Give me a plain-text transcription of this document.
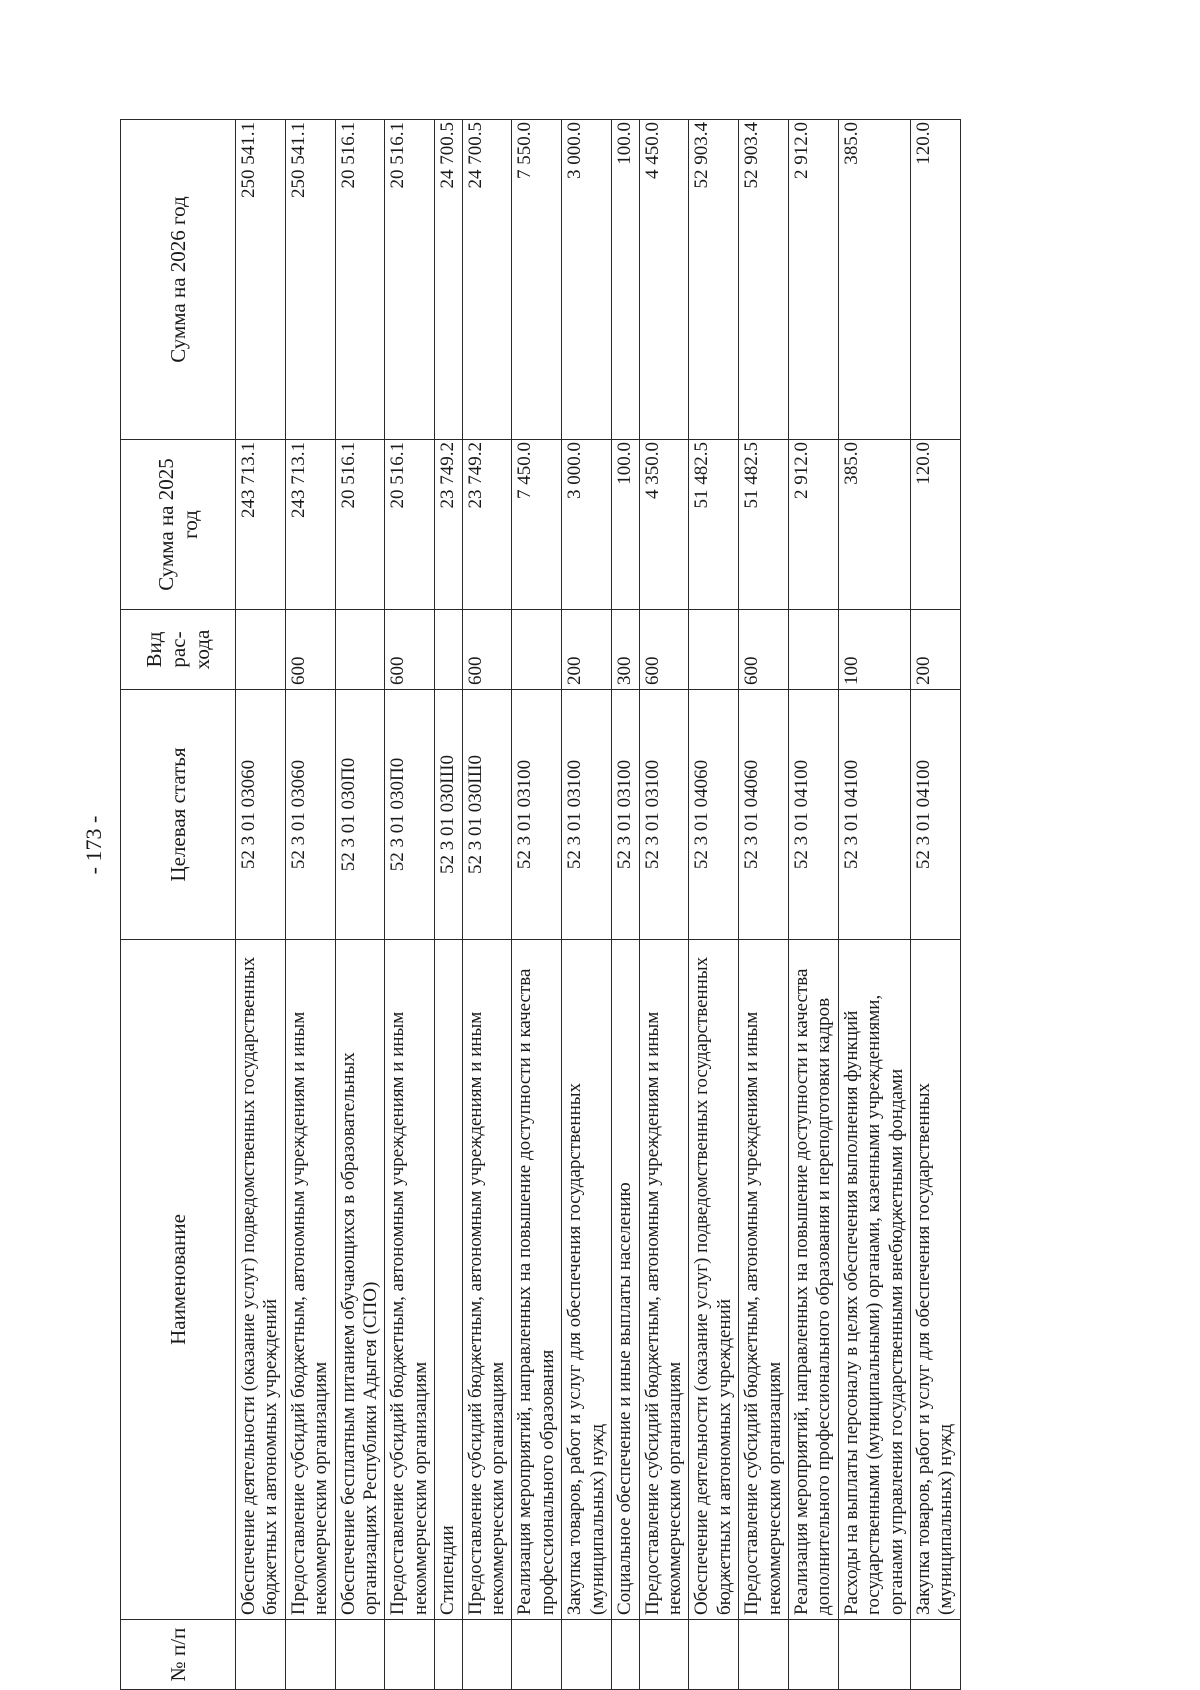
- 173 -
№ п/п	Наименование	Целевая статья	Вид рас-хода	Сумма на 2025 год	Сумма на 2026 год
	Обеспечение деятельности (оказание услуг) подведомственных государственных бюджетных и автономных учреждений	52 3 01 03060		243 713.1	250 541.1
	Предоставление субсидий бюджетным, автономным учреждениям и иным некоммерческим организациям	52 3 01 03060	600	243 713.1	250 541.1
	Обеспечение бесплатным питанием обучающихся в образовательных организациях Республики Адыгея (СПО)	52 3 01 030П0		20 516.1	20 516.1
	Предоставление субсидий бюджетным, автономным учреждениям и иным некоммерческим организациям	52 3 01 030П0	600	20 516.1	20 516.1
	Стипендии	52 3 01 030Ш0		23 749.2	24 700.5
	Предоставление субсидий бюджетным, автономным учреждениям и иным некоммерческим организациям	52 3 01 030Ш0	600	23 749.2	24 700.5
	Реализация мероприятий, направленных на повышение доступности и качества профессионального образования	52 3 01 03100		7 450.0	7 550.0
	Закупка товаров, работ и услуг для обеспечения государственных (муниципальных) нужд	52 3 01 03100	200	3 000.0	3 000.0
	Социальное обеспечение и иные выплаты населению	52 3 01 03100	300	100.0	100.0
	Предоставление субсидий бюджетным, автономным учреждениям и иным некоммерческим организациям	52 3 01 03100	600	4 350.0	4 450.0
	Обеспечение деятельности (оказание услуг) подведомственных государственных бюджетных и автономных учреждений	52 3 01 04060		51 482.5	52 903.4
	Предоставление субсидий бюджетным, автономным учреждениям и иным некоммерческим организациям	52 3 01 04060	600	51 482.5	52 903.4
	Реализация мероприятий, направленных на повышение доступности и качества дополнительного профессионального образования и переподготовки кадров	52 3 01 04100		2 912.0	2 912.0
	Расходы на выплаты персоналу в целях обеспечения выполнения функций государственными (муниципальными) органами, казенными учреждениями, органами управления государственными внебюджетными фондами	52 3 01 04100	100	385.0	385.0
	Закупка товаров, работ и услуг для обеспечения государственных (муниципальных) нужд	52 3 01 04100	200	120.0	120.0
